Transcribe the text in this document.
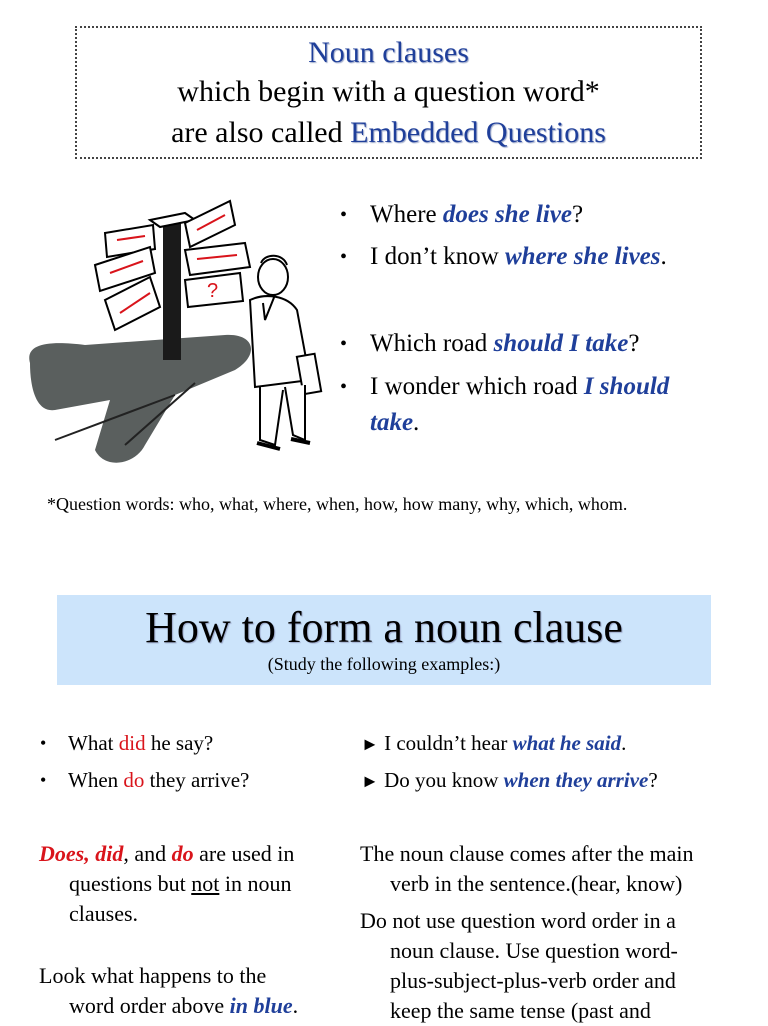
Noun clauses
which begin with a question word*
are also called Embedded Questions
?
• Where does she live?
• I don’t know where she lives.
• Which road should I take?
• I wonder which road I should
take.
*Question words: who, what, where, when, how, how many, why, which, whom.
How to form a noun clause
(Study the following examples:)
• What did he say?
• When do they arrive?
► I couldn’t hear what he said.
► Do you know when they arrive?
Does, did, and do are used in
questions but not in noun
clauses.
Look what happens to the
word order above in blue.
The noun clause comes after the main
verb in the sentence.(hear, know)
Do not use question word order in a
noun clause. Use question word-
plus-subject-plus-verb order and
keep the same tense (past and
